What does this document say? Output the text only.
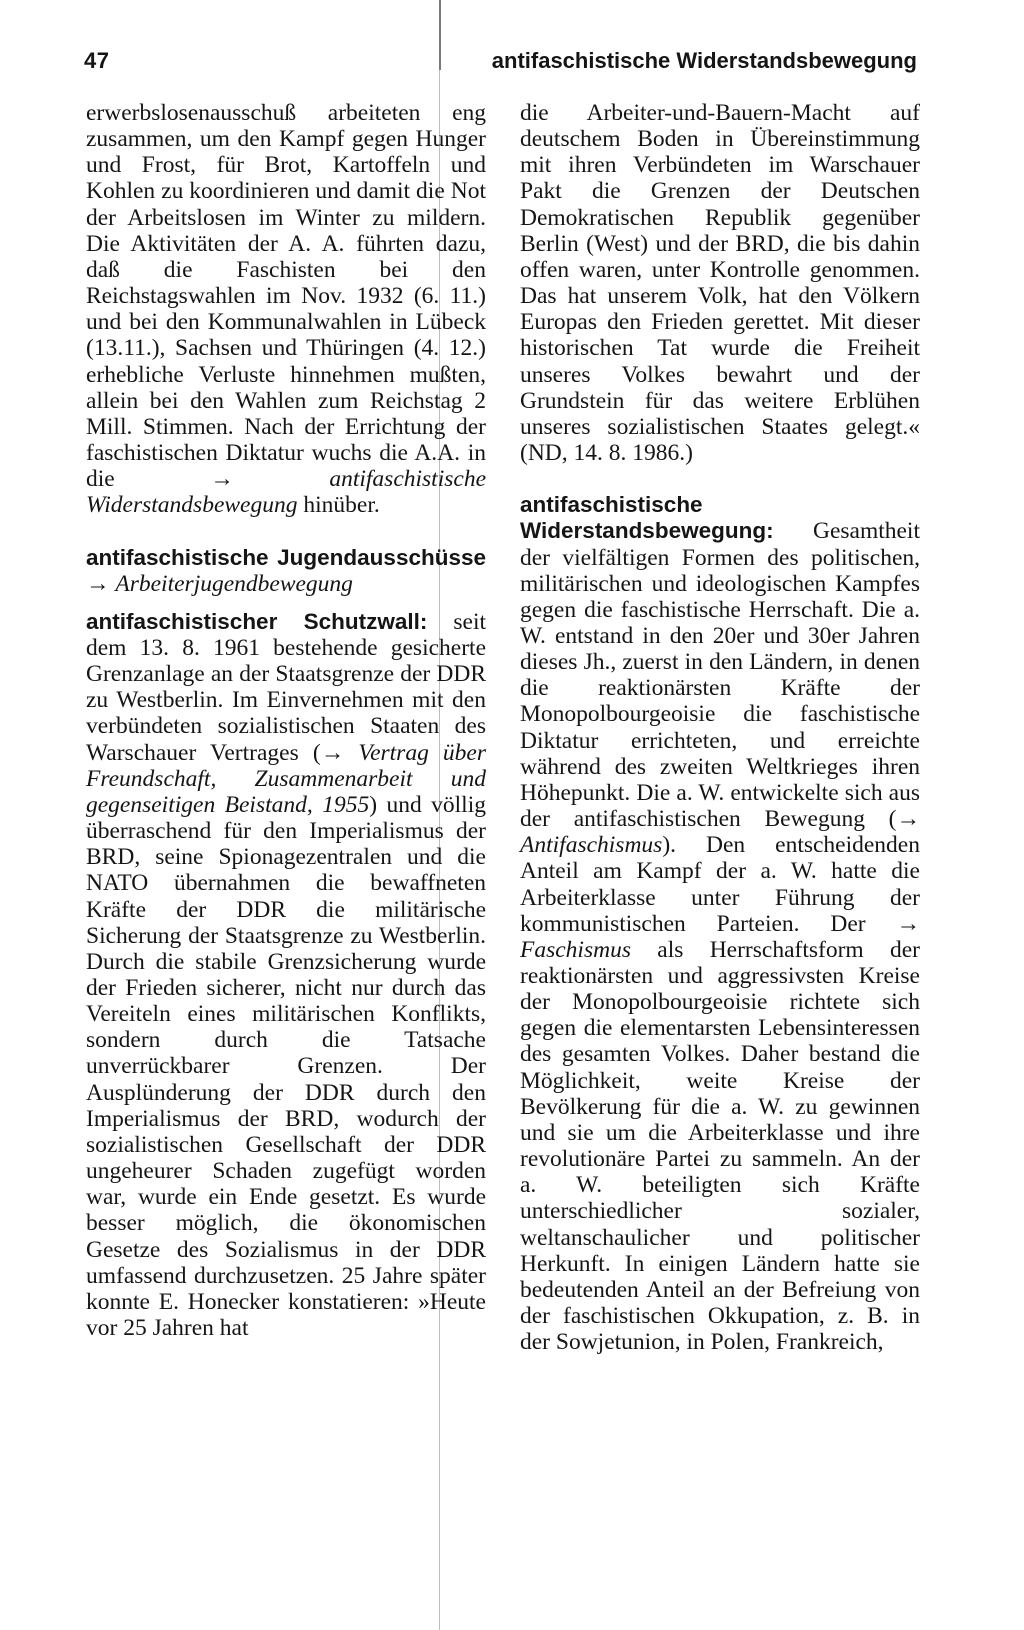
47	antifaschistische Widerstandsbewegung

erwerbslosenausschuß arbeiteten eng zusammen, um den Kampf gegen Hunger und Frost, für Brot, Kartoffeln und Kohlen zu koordinieren und damit die Not der Arbeitslosen im Winter zu mildern. Die Aktivitäten der A. A. führten dazu, daß die Faschisten bei den Reichstagswahlen im Nov. 1932 (6. 11.) und bei den Kommunalwahlen in Lübeck (13.11.), Sachsen und Thüringen (4. 12.) erhebliche Verluste hinnehmen mußten, allein bei den Wahlen zum Reichstag 2 Mill. Stimmen. Nach der Errichtung der faschistischen Diktatur wuchs die A.A. in die	→	antifaschistische Widerstandsbewegung hinüber.

antifaschistische Jugendausschüsse → Arbeiterjugendbewegung

antifaschistischer Schutzwall: seit dem 13. 8. 1961 bestehende gesicherte Grenzanlage an der Staatsgrenze der DDR zu Westberlin. Im Einvernehmen mit den verbündeten sozialistischen Staaten des Warschauer Vertrages (→ Vertrag über Freundschaft, Zusammenarbeit und gegenseitigen Beistand, 1955) und völlig überraschend für den Imperialismus der BRD, seine Spionagezentralen und die NATO übernahmen die bewaffneten Kräfte der DDR die militärische Sicherung der Staatsgrenze zu Westberlin. Durch die stabile Grenzsicherung wurde der Frieden sicherer, nicht nur durch das Vereiteln eines militärischen Konflikts, sondern durch die Tatsache unverrückbarer Grenzen. Der Ausplünderung der DDR durch den Imperialismus der BRD, wodurch der sozialistischen Gesellschaft der DDR ungeheurer Schaden zugefügt worden war, wurde ein Ende gesetzt. Es wurde besser möglich, die ökonomischen Gesetze des Sozialismus in der DDR umfassend durchzusetzen. 25 Jahre später konnte E. Honecker konstatieren: »Heute vor 25 Jahren hat

die Arbeiter-und-Bauern-Macht auf deutschem Boden in Übereinstimmung mit ihren Verbündeten im Warschauer Pakt die Grenzen der Deutschen Demokratischen Republik gegenüber Berlin (West) und der BRD, die bis dahin offen waren, unter Kontrolle genommen. Das hat unserem Volk, hat den Völkern Europas den Frieden gerettet. Mit dieser historischen Tat wurde die Freiheit unseres Volkes bewahrt und der Grundstein für das weitere Erblühen unseres sozialistischen Staates gelegt.« (ND, 14. 8. 1986.)

antifaschistische Widerstandsbewegung: Gesamtheit der vielfältigen Formen des politischen, militärischen und ideologischen Kampfes gegen die faschistische Herrschaft. Die a. W. entstand in den 20er und 30er Jahren dieses Jh., zuerst in den Ländern, in denen die reaktionärsten Kräfte der Monopolbourgeoisie die faschistische Diktatur errichteten, und erreichte während des zweiten Weltkrieges ihren Höhepunkt. Die a. W. entwickelte sich aus der antifaschistischen Bewegung (→ Antifaschismus). Den entscheidenden Anteil am Kampf der a. W. hatte die Arbeiterklasse unter Führung der kommunistischen Parteien. Der → Faschismus als Herrschaftsform der reaktionärsten und aggressivsten Kreise der Monopolbourgeoisie richtete sich gegen die elementarsten Lebensinteressen des gesamten Volkes. Daher bestand die Möglichkeit, weite Kreise der Bevölkerung für die a. W. zu gewinnen und sie um die Arbeiterklasse und ihre revolutionäre Partei zu sammeln. An der a. W. beteiligten sich Kräfte unterschiedlicher sozialer, weltanschaulicher und politischer Herkunft. In einigen Ländern hatte sie bedeutenden Anteil an der Befreiung von der faschistischen Okkupation, z. B. in der Sowjetunion, in Polen, Frankreich,
